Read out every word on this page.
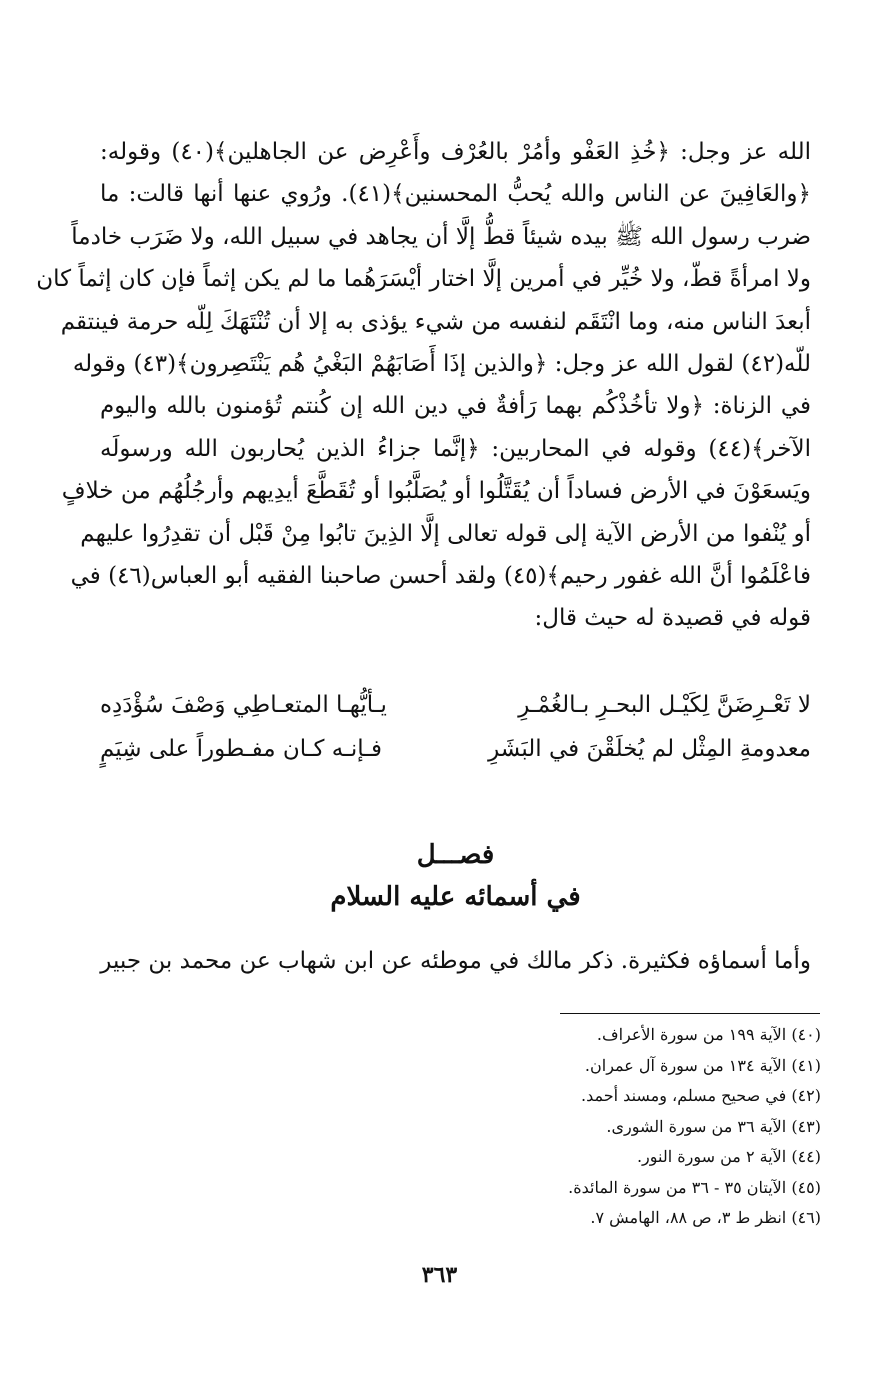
الله عز وجل: ﴿خُذِ العَفْو وأمُرْ بالعُرْف وأَعْرِض عن الجاهلين﴾(٤٠) وقوله:
﴿والعَافِينَ عن الناس والله يُحبُّ المحسنين﴾(٤١). ورُوي عنها أنها قالت: ما
ضرب رسول الله ﷺ بيده شيئاً قطُّ إلَّا أن يجاهد في سبيل الله، ولا ضَرَب خادماً
ولا امرأةً قطّ، ولا خُيِّر في أمرين إلَّا اختار أيْسَرَهُما ما لم يكن إثماً فإن كان إثماً كان
أبعدَ الناس منه، وما انْتَقَم لنفسه من شيء يؤذى به إلا أن تُنْتَهَكَ لِلّه حرمة فينتقم
للّه(٤٢) لقول الله عز وجل: ﴿والذين إذَا أَصَابَهُمْ البَغْيُ هُم يَنْتَصِرون﴾(٤٣) وقوله
في الزناة: ﴿ولا تأخُذْكُم بهما رَأفةٌ في دين الله إن كُنتم تُؤمنون بالله واليوم
الآخر﴾(٤٤) وقوله في المحاربين: ﴿إنَّما جزاءُ الذين يُحاربون الله ورسولَه
ويَسعَوْنَ في الأرض فساداً أن يُقَتَّلُوا أو يُصَلَّبُوا أو تُقَطَّعَ أيدِيهم وأرجُلُهُم من خلافٍ
أو يُنْفوا من الأرض الآية إلى قوله تعالى إلَّا الذِينَ تابُوا مِنْ قَبْل أن تقدِرُوا عليهم
فاعْلَمُوا أنَّ الله غفور رحيم﴾(٤٥) ولقد أحسن صاحبنا الفقيه أبو العباس(٤٦) في
قوله في قصيدة له حيث قال:
لا تَعْـرِضَنَّ لِكَيْـل البحـرِ بـالغُمْـرِ
يـأيُّهـا المتعـاطِي وَصْفَ سُؤْدَدِه
معدومةِ المِثْل لم يُخلَقْنَ في البَشَرِ
فـإنـه كـان مفـطوراً على شِيَمٍ
فصـــل
في أسمائه عليه السلام
وأما أسماؤه فكثيرة. ذكر مالك في موطئه عن ابن شهاب عن محمد بن جبير
(٤٠) الآية ١٩٩ من سورة الأعراف.
(٤١) الآية ١٣٤ من سورة آل عمران.
(٤٢) في صحيح مسلم، ومسند أحمد.
(٤٣) الآية ٣٦ من سورة الشورى.
(٤٤) الآية ٢ من سورة النور.
(٤٥) الآيتان ٣٥ - ٣٦ من سورة المائدة.
(٤٦) انظر ط ٣، ص ٨٨، الهامش ٧.
٣٦٣
